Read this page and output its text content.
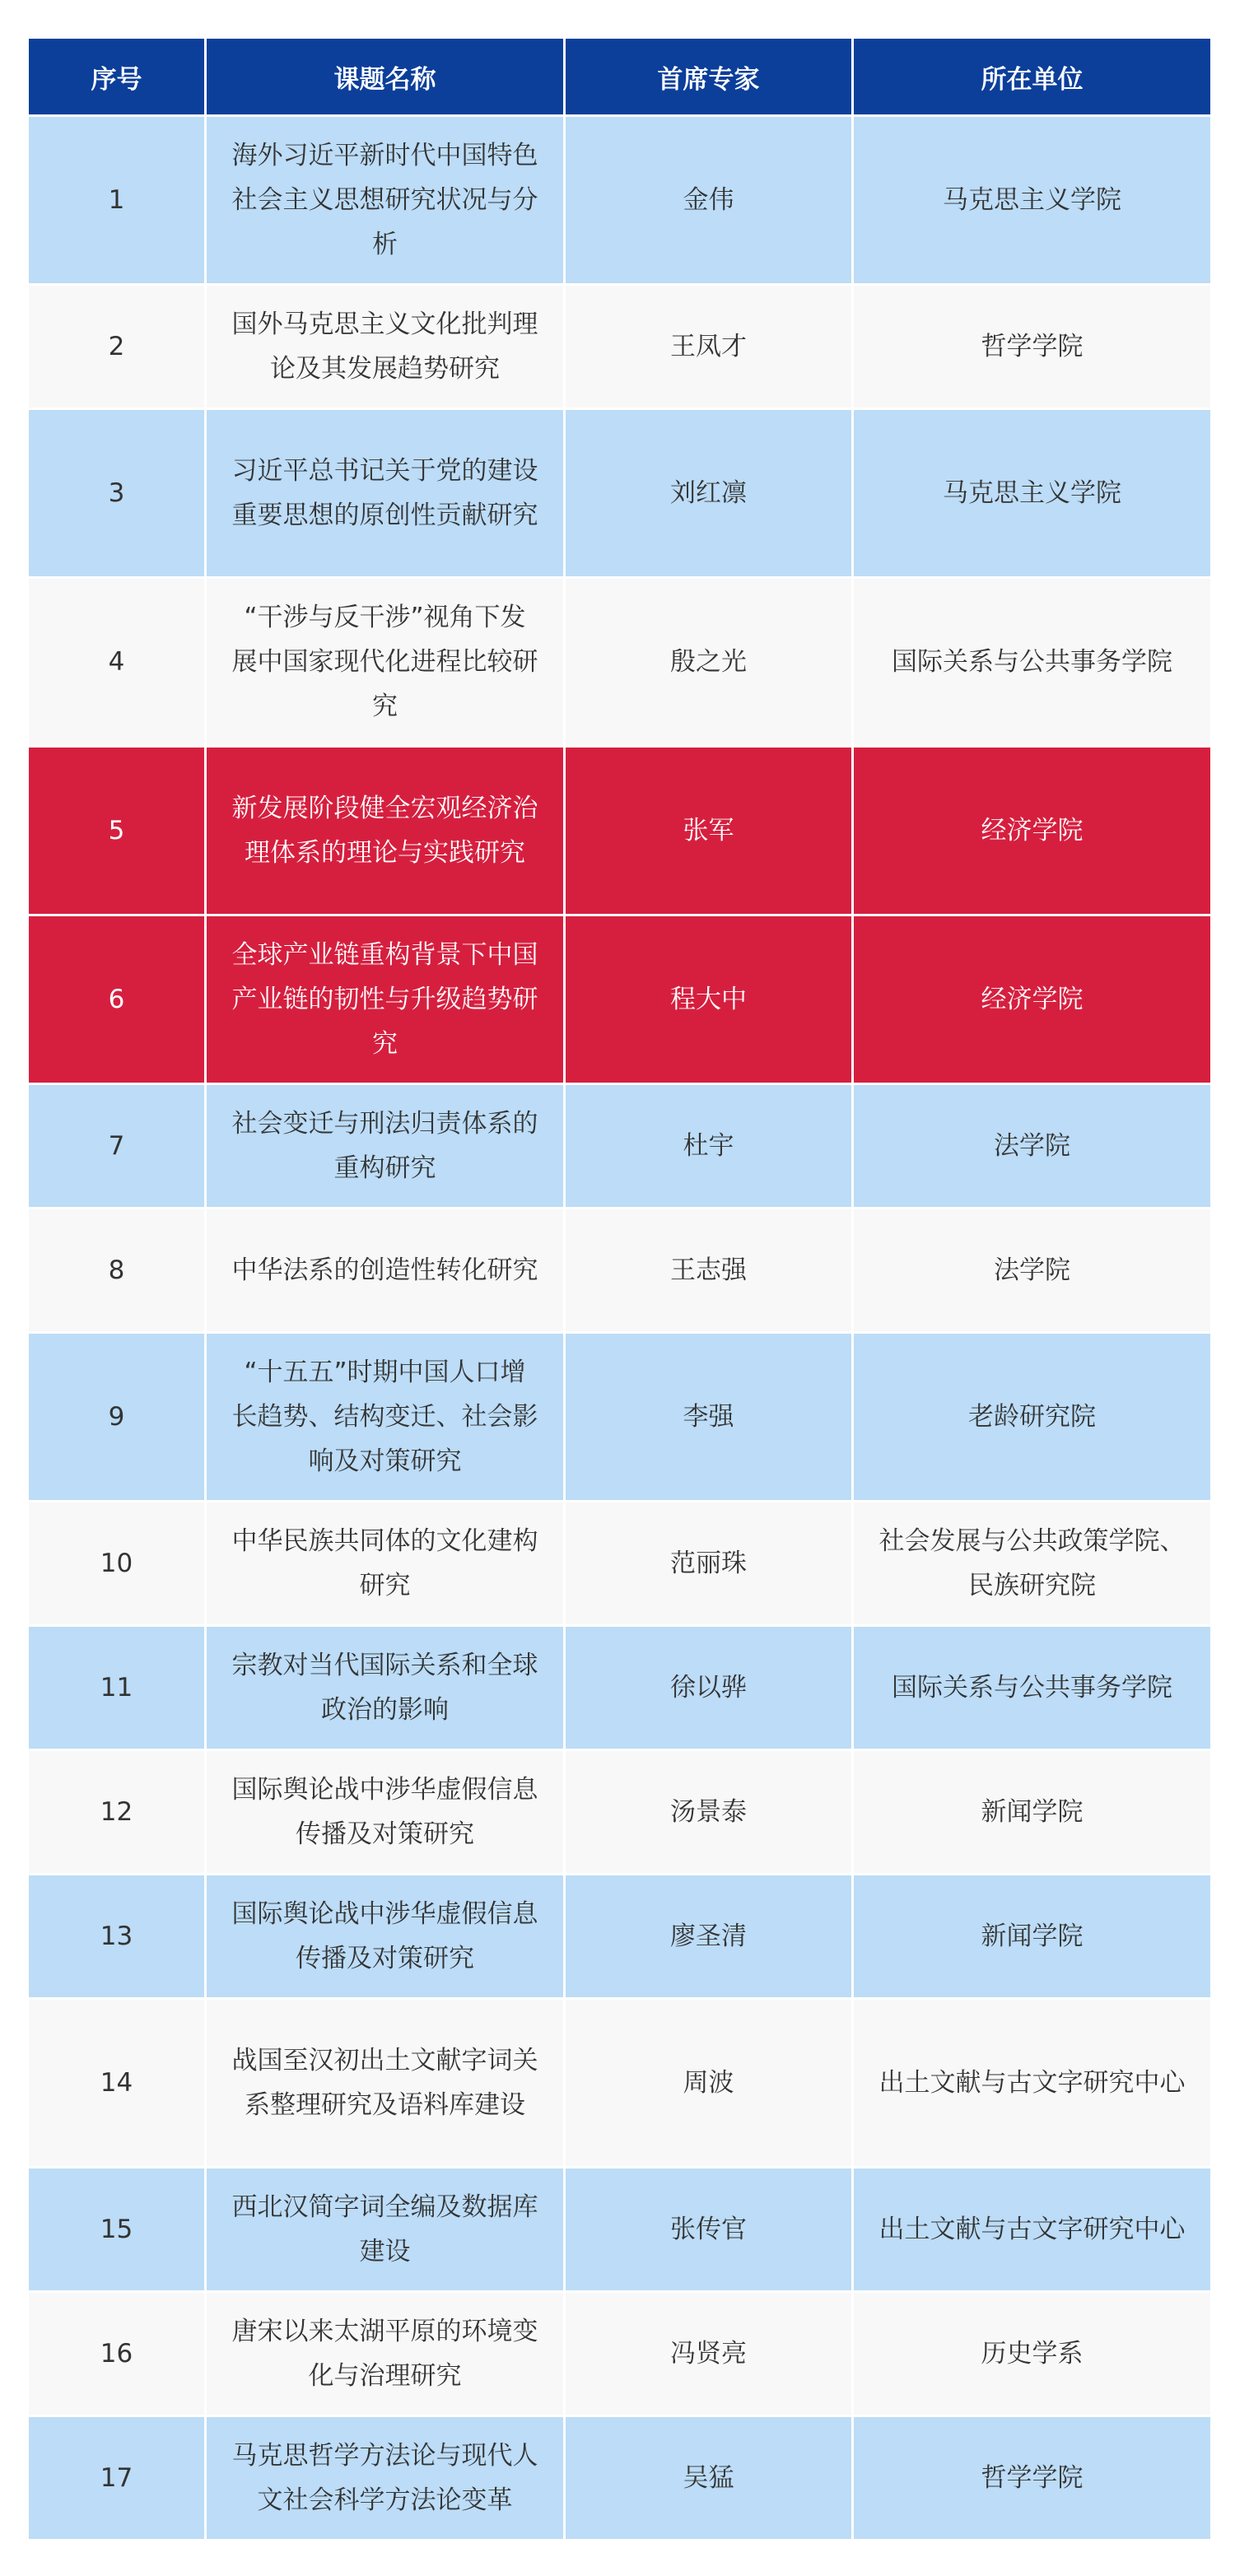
序号	课题名称	首席专家	所在单位
1	海外习近平新时代中国特色社会主义思想研究状况与分析	金伟	马克思主义学院
2	国外马克思主义文化批判理论及其发展趋势研究	王凤才	哲学学院
3	习近平总书记关于党的建设重要思想的原创性贡献研究	刘红凛	马克思主义学院
4	“干涉与反干涉”视角下发展中国家现代化进程比较研究	殷之光	国际关系与公共事务学院
5	新发展阶段健全宏观经济治理体系的理论与实践研究	张军	经济学院
6	全球产业链重构背景下中国产业链的韧性与升级趋势研究	程大中	经济学院
7	社会变迁与刑法归责体系的重构研究	杜宇	法学院
8	中华法系的创造性转化研究	王志强	法学院
9	“十五五”时期中国人口增长趋势、结构变迁、社会影响及对策研究	李强	老龄研究院
10	中华民族共同体的文化建构研究	范丽珠	社会发展与公共政策学院、民族研究院
11	宗教对当代国际关系和全球政治的影响	徐以骅	国际关系与公共事务学院
12	国际舆论战中涉华虚假信息传播及对策研究	汤景泰	新闻学院
13	国际舆论战中涉华虚假信息传播及对策研究	廖圣清	新闻学院
14	战国至汉初出土文献字词关系整理研究及语料库建设	周波	出土文献与古文字研究中心
15	西北汉简字词全编及数据库建设	张传官	出土文献与古文字研究中心
16	唐宋以来太湖平原的环境变化与治理研究	冯贤亮	历史学系
17	马克思哲学方法论与现代人文社会科学方法论变革	吴猛	哲学学院
